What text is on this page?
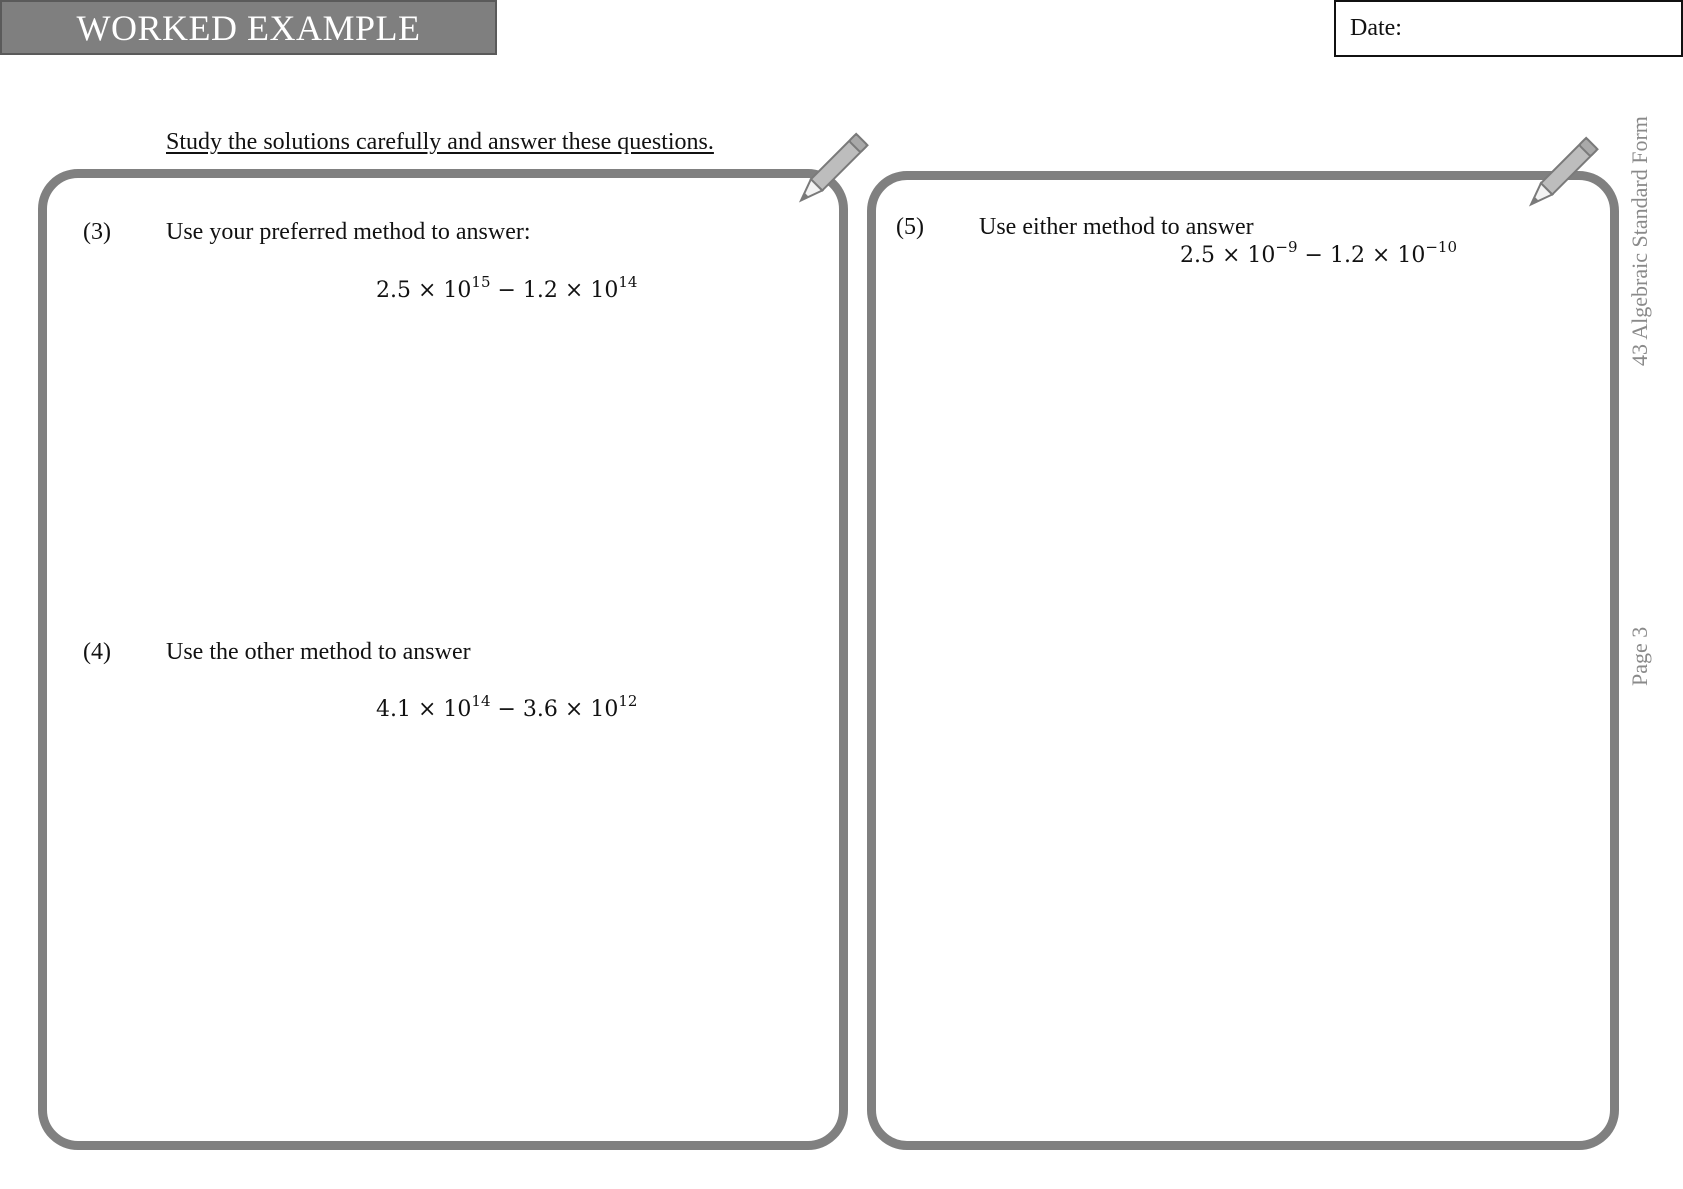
WORKED EXAMPLE	Date:
Study the solutions carefully and answer these questions.
(3) Use your preferred method to answer:
$2.5 \times 10^{15} - 1.2 \times 10^{14}$
(4) Use the other method to answer
$4.1 \times 10^{14} - 3.6 \times 10^{12}$
(5) Use either method to answer
$2.5 \times 10^{-9} - 1.2 \times 10^{-10}$	43 Algebraic Standard Form
Page 3
